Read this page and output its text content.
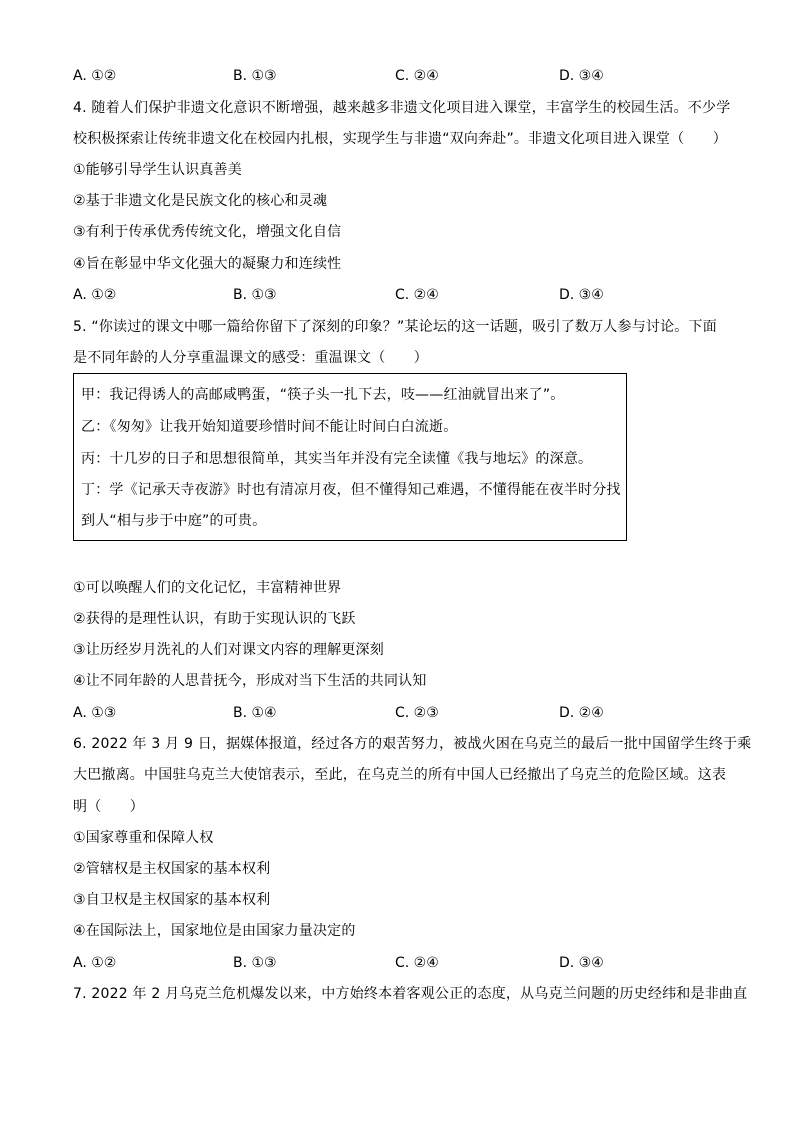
A. ①②	B. ①③	C. ②④	D. ③④
4. 随着人们保护非遗文化意识不断增强，越来越多非遗文化项目进入课堂，丰富学生的校园生活。不少学
校积极探索让传统非遗文化在校园内扎根，实现学生与非遗“双向奔赴”。非遗文化项目进入课堂（　　）
①能够引导学生认识真善美
②基于非遗文化是民族文化的核心和灵魂
③有利于传承优秀传统文化，增强文化自信
④旨在彰显中华文化强大的凝聚力和连续性
A. ①②	B. ①③	C. ②④	D. ③④
5. “你读过的课文中哪一篇给你留下了深刻的印象？”某论坛的这一话题，吸引了数万人参与讨论。下面
是不同年龄的人分享重温课文的感受：重温课文（　　）
甲：我记得诱人的高邮咸鸭蛋，“筷子头一扎下去，吱——红油就冒出来了”。
乙：《匆匆》让我开始知道要珍惜时间不能让时间白白流逝。
丙：十几岁的日子和思想很简单，其实当年并没有完全读懂《我与地坛》的深意。
丁：学《记承天寺夜游》时也有清凉月夜，但不懂得知己难遇，不懂得能在夜半时分找
到人“相与步于中庭”的可贵。
①可以唤醒人们的文化记忆，丰富精神世界
②获得的是理性认识，有助于实现认识的飞跃
③让历经岁月洗礼的人们对课文内容的理解更深刻
④让不同年龄的人思昔抚今，形成对当下生活的共同认知
A. ①③	B. ①④	C. ②③	D. ②④
6. 2022 年 3 月 9 日，据媒体报道，经过各方的艰苦努力，被战火困在乌克兰的最后一批中国留学生终于乘
大巴撤离。中国驻乌克兰大使馆表示，至此，在乌克兰的所有中国人已经撤出了乌克兰的危险区域。这表
明（　　）
①国家尊重和保障人权
②管辖权是主权国家的基本权利
③自卫权是主权国家的基本权利
④在国际法上，国家地位是由国家力量决定的
A. ①②	B. ①③	C. ②④	D. ③④
7. 2022 年 2 月乌克兰危机爆发以来，中方始终本着客观公正的态度，从乌克兰问题的历史经纬和是非曲直
